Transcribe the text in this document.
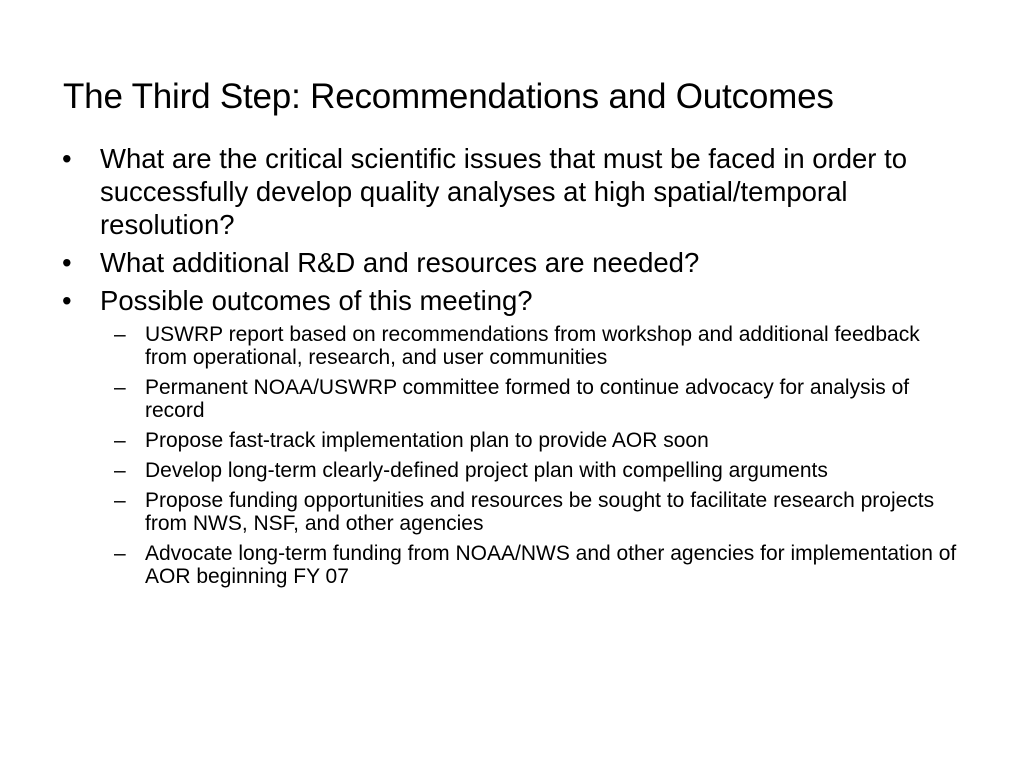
The Third Step: Recommendations and Outcomes
•	What are the critical scientific issues that must be faced in order to successfully develop quality analyses at high spatial/temporal resolution?
•	What additional R&D and resources are needed?
•	Possible outcomes of this meeting?
– USWRP report based on recommendations from workshop and additional feedback from operational, research, and user communities
– Permanent NOAA/USWRP committee formed to continue advocacy for analysis of record
– Propose fast-track implementation plan to provide AOR soon
– Develop long-term clearly-defined project plan with compelling arguments
– Propose funding opportunities and resources be sought to facilitate research projects from NWS, NSF, and other agencies
– Advocate long-term funding from NOAA/NWS and other agencies for implementation of AOR beginning FY 07
